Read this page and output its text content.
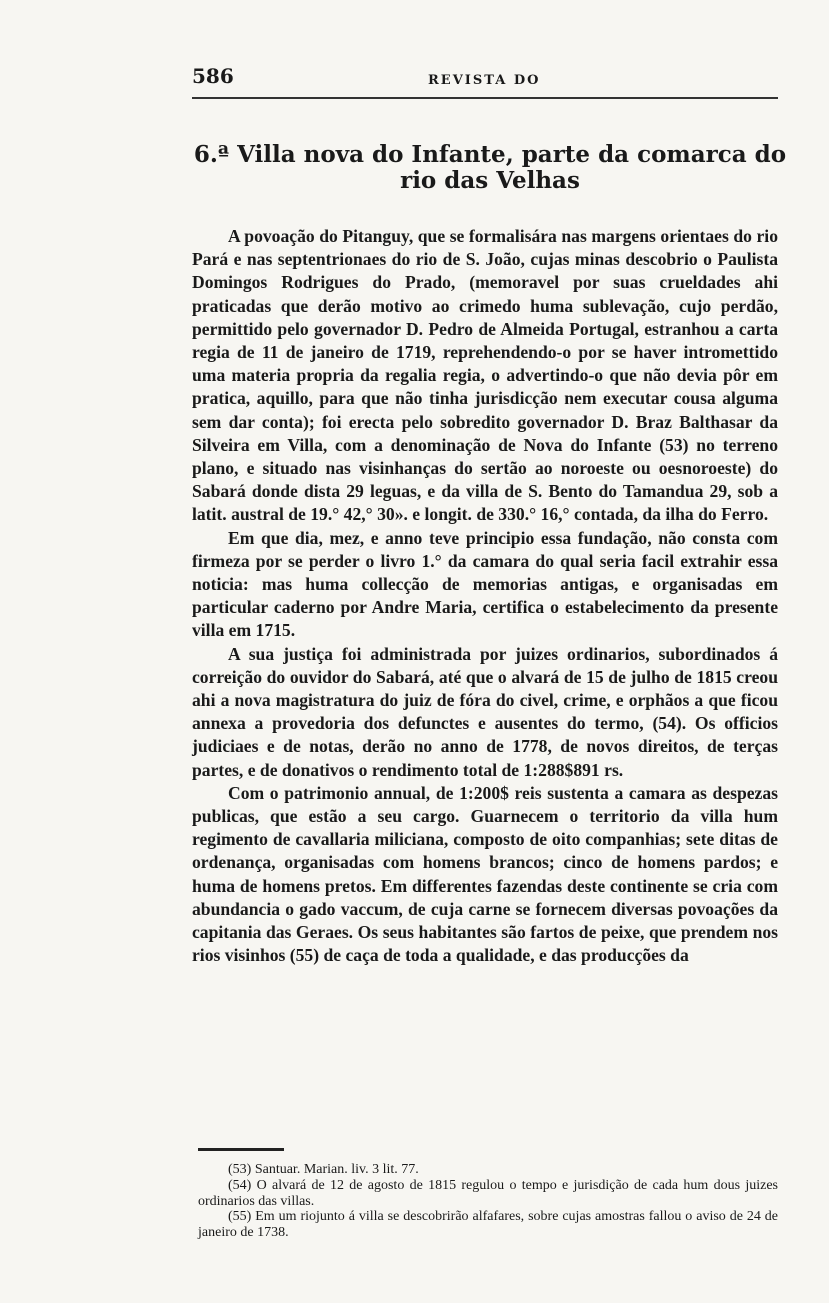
586	REVISTA DO
6.ª Villa nova do Infante, parte da comarca do rio das Velhas

A povoação do Pitanguy, que se formalisára nas margens orientaes do rio Pará e nas septentrionaes do rio de S. João, cujas minas descobrio o Paulista Domingos Rodrigues do Prado, (memoravel por suas crueldades ahi praticadas que derão motivo ao crimedo huma sublevação, cujo perdão, permittido pelo governador D. Pedro de Almeida Portugal, estranhou a carta regia de 11 de janeiro de 1719, reprehendendo-o por se haver intromettido uma materia propria da regalia regia, o advertindo-o que não devia pôr em pratica, aquillo, para que não tinha jurisdicção nem executar cousa alguma sem dar conta); foi erecta pelo sobredito governador D. Braz Balthasar da Silveira em Villa, com a denominação de Nova do Infante (53) no terreno plano, e situado nas visinhanças do sertão ao noroeste ou oesnoroeste) do Sabará donde dista 29 leguas, e da villa de S. Bento do Tamandua 29, sob a latit. austral de 19.° 42,° 30». e longit. de 330.° 16,° contada, da ilha do Ferro.

Em que dia, mez, e anno teve principio essa fundação, não consta com firmeza por se perder o livro 1.° da camara do qual seria facil extrahir essa noticia: mas huma collecção de memorias antigas, e organisadas em particular caderno por Andre Maria, certifica o estabelecimento da presente villa em 1715.

A sua justiça foi administrada por juizes ordinarios, subordinados á correição do ouvidor do Sabará, até que o alvará de 15 de julho de 1815 creou ahi a nova magistratura do juiz de fóra do civel, crime, e orphãos a que ficou annexa a provedoria dos defunctes e ausentes do termo, (54). Os officios judiciaes e de notas, derão no anno de 1778, de novos direitos, de terças partes, e de donativos o rendimento total de 1:288$891 rs.

Com o patrimonio annual, de 1:200$ reis sustenta a camara as despezas publicas, que estão a seu cargo. Guarnecem o territorio da villa hum regimento de cavallaria miliciana, composto de oito companhias; sete ditas de ordenança, organisadas com homens brancos; cinco de homens pardos; e huma de homens pretos. Em differentes fazendas deste continente se cria com abundancia o gado vaccum, de cuja carne se fornecem diversas povoações da capitania das Geraes. Os seus habitantes são fartos de peixe, que prendem nos rios visinhos (55) de caça de toda a qualidade, e das producções da

(53) Santuar. Marian. liv. 3 lit. 77.

(54) O alvará de 12 de agosto de 1815 regulou o tempo e jurisdição de cada hum dous juizes ordinarios das villas.

(55) Em um riojunto á villa se descobrirão alfafares, sobre cujas amostras fallou o aviso de 24 de janeiro de 1738.
